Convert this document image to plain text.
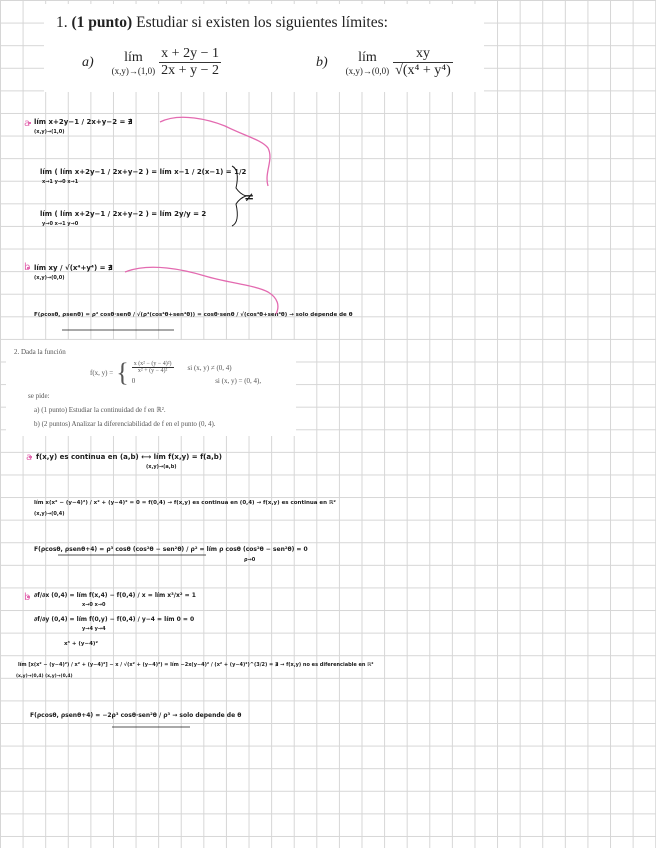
1. (1 punto) Estudiar si existen los siguientes límites:
a)	lím
$(x,y)\to(1,0) \frac{x + 2y - 1}{2x + y - 2}$	b)	lím
$(x,y)\to(0,0) \frac{xy}{\text{√(x⁴ + y⁴)}}$
a lím x+2y−1 / 2x+y−2 = ∄
(x,y)→(1,0)
lím ( lím x+2y−1 / 2x+y−2 ) = lím x−1 / 2(x−1) = 1/2
x→1 y→0 x→1
lím ( lím x+2y−1 / 2x+y−2 ) = lím 2y/y = 2
y→0 x→1 y→0
≠
b lím xy / √(x⁴+y⁴) = ∄
(x,y)→(0,0)
F(ρcosθ, ρsenθ) = ρ² cosθ·senθ / √(ρ⁴(cos⁴θ+sen⁴θ)) = cosθ·senθ / √(cos⁴θ+sen⁴θ) → solo depende de θ
2. Dada la función
f(x, y) = { $\frac{\text{x (x² − (y − 4)²)}}{\text{x² + (y − 4)²}}$ si (x, y) ≠ (0, 4)
0	si (x, y) = (0, 4),
se pide:
a) (1 punto) Estudiar la continuidad de f en ℝ².
b) (2 puntos) Analizar la diferenciabilidad de f en el punto (0, 4).
a f(x,y) es continua en (a,b) ⟷ lím f(x,y) = f(a,b)
(x,y)→(a,b)
lím x(x² − (y−4)²) / x² + (y−4)² = 0 = f(0,4) → f(x,y) es continua en (0,4) → f(x,y) es continua en ℝ²
(x,y)→(0,4)
F(ρcosθ, ρsenθ+4) = ρ³ cosθ (cos²θ − sen²θ) / ρ² = lím ρ cosθ (cos²θ − sen²θ) = 0
ρ→0
b ∂f/∂x (0,4) = lím f(x,4) − f(0,4) / x = lím x³/x² = 1
x→0 x→0
∂f/∂y (0,4) = lím f(0,y) − f(0,4) / y−4 = lím 0 = 0
y→4 y→4
x³ + (y−4)²
lím [x(x² − (y−4)²) / x² + (y−4)²] − x / √(x² + (y−4)²) = lím −2x(y−4)² / (x² + (y−4)²)^(3/2) = ∄ → f(x,y) no es diferenciable en ℝ²
(x,y)→(0,4) (x,y)→(0,4)
F(ρcosθ, ρsenθ+4) = −2ρ³ cosθ·sen²θ / ρ³ → solo depende de θ
